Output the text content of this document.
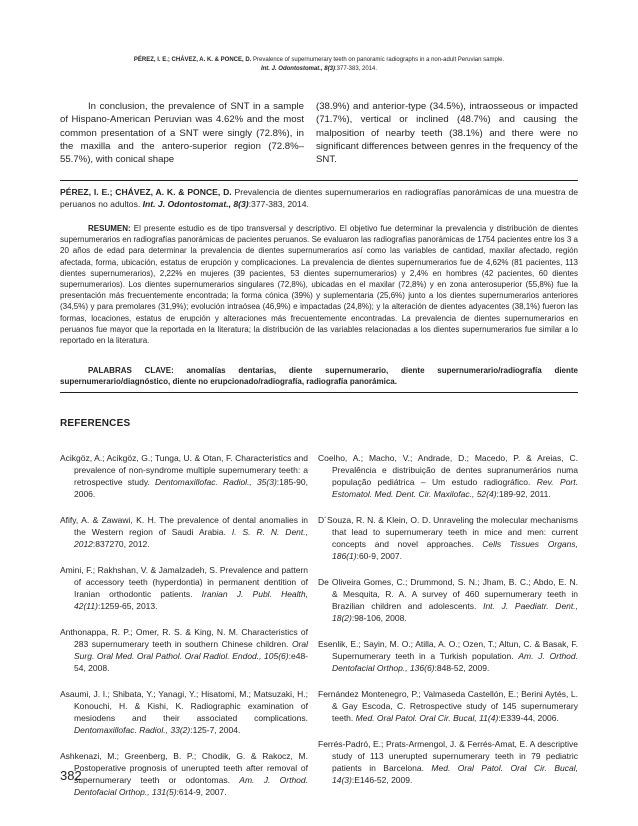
PÉREZ, I. E.; CHÁVEZ, A. K. & PONCE, D. Prevalence of supernumerary teeth on panoramic radiographs in a non-adult Peruvian sample.
Int. J. Odontostomat., 8(3):377-383, 2014.
In conclusion, the prevalence of SNT in a sample of Hispano-American Peruvian was 4.62% and the most common presentation of a SNT were singly (72.8%), in the maxilla and the antero-superior region (72.8%–55.7%), with conical shape
(38.9%) and anterior-type (34.5%), intraosseous or impacted (71.7%), vertical or inclined (48.7%) and causing the malposition of nearby teeth (38.1%) and there were no significant differences between genres in the frequency of the SNT.
PÉREZ, I. E.; CHÁVEZ, A. K. & PONCE, D. Prevalencia de dientes supernumerarios en radiografías panorámicas de una muestra de peruanos no adultos. Int. J. Odontostomat., 8(3):377-383, 2014.
RESUMEN: El presente estudio es de tipo transversal y descriptivo. El objetivo fue determinar la prevalencia y distribución de dientes supernumerarios en radiografías panorámicas de pacientes peruanos. Se evaluaron las radiografías panorámicas de 1754 pacientes entre los 3 a 20 años de edad para determinar la prevalencia de dientes supernumerarios así como las variables de cantidad, maxilar afectado, región afectada, forma, ubicación, estatus de erupción y complicaciones. La prevalencia de dientes supernumerarios fue de 4,62% (81 pacientes, 113 dientes supernumerarios), 2,22% en mujeres (39 pacientes, 53 dientes supernumerarios) y 2,4% en hombres (42 pacientes, 60 dientes supernumerarios). Los dientes supernumerarios singulares (72,8%), ubicadas en el maxilar (72,8%) y en zona anterosuperior (55,8%) fue la presentación más frecuentemente encontrada; la forma cónica (39%) y suplementaria (25,6%) junto a los dientes supernumerarios anteriores (34,5%) y para premolares (31,9%); evolución intraósea (46,9%) e impactadas (24,8%); y la alteración de dientes adyacentes (38,1%) fueron las formas, locaciones, estatus de erupción y alteraciones más frecuentemente encontradas. La prevalencia de dientes supernumerarios en peruanos fue mayor que la reportada en la literatura; la distribución de las variables relacionadas a los dientes supernumerarios fue similar a lo reportado en la literatura.
PALABRAS CLAVE: anomalías dentarias, diente supernumerario, diente supernumerario/radiografía diente supernumerario/diagnóstico, diente no erupcionado/radiografía, radiografía panorámica.
REFERENCES

Acikgöz, A.; Acikgöz, G.; Tunga, U. & Otan, F. Characteristics and prevalence of non-syndrome multiple supernumerary teeth: a retrospective study. Dentomaxillofac. Radiol., 35(3):185-90, 2006.

Afify, A. & Zawawi, K. H. The prevalence of dental anomalies in the Western region of Saudi Arabia. I. S. R. N. Dent., 2012:837270, 2012.

Amini, F.; Rakhshan, V. & Jamalzadeh, S. Prevalence and pattern of accessory teeth (hyperdontia) in permanent dentition of Iranian orthodontic patients. Iranian J. Publ. Health, 42(11):1259-65, 2013.

Anthonappa, R. P.; Omer, R. S. & King, N. M. Characteristics of 283 supernumerary teeth in southern Chinese children. Oral Surg. Oral Med. Oral Pathol. Oral Radiol. Endod., 105(6):e48-54, 2008.

Asaumi, J. I.; Shibata, Y.; Yanagi, Y.; Hisatomi, M.; Matsuzaki, H.; Konouchi, H. & Kishi, K. Radiographic examination of mesiodens and their associated complications. Dentomaxillofac. Radiol., 33(2):125-7, 2004.

Ashkenazi, M.; Greenberg, B. P.; Chodik, G. & Rakocz, M. Postoperative prognosis of unerupted teeth after removal of supernumerary teeth or odontomas. Am. J. Orthod. Dentofacial Orthop., 131(5):614-9, 2007.

Coelho, A.; Macho, V.; Andrade, D.; Macedo, P. & Areias, C. Prevalência e distribuição de dentes supranumerários numa população pediátrica – Um estudo radiográfico. Rev. Port. Estomatol. Med. Dent. Cir. Maxilofac., 52(4):189-92, 2011.

D´Souza, R. N. & Klein, O. D. Unraveling the molecular mechanisms that lead to supernumerary teeth in mice and men: current concepts and novel approaches. Cells Tissues Organs, 186(1):60-9, 2007.

De Oliveira Gomes, C.; Drummond, S. N.; Jham, B. C.; Abdo, E. N. & Mesquita, R. A. A survey of 460 supernumerary teeth in Brazilian children and adolescents. Int. J. Paediatr. Dent., 18(2):98-106, 2008.

Esenlik, E.; Sayin, M. O.; Atilla, A. O.; Ozen, T.; Altun, C. & Basak, F. Supernumerary teeth in a Turkish population. Am. J. Orthod. Dentofacial Orthop., 136(6):848-52, 2009.

Fernández Montenegro, P.; Valmaseda Castellón, E.; Berini Aytés, L. & Gay Escoda, C. Retrospective study of 145 supernumerary teeth. Med. Oral Patol. Oral Cir. Bucal, 11(4):E339-44, 2006.

Ferrés-Padró, E.; Prats-Armengol, J. & Ferrés-Amat, E. A descriptive study of 113 unerupted supernumerary teeth in 79 pediatric patients in Barcelona. Med. Oral Patol. Oral Cir. Bucal, 14(3):E146-52, 2009.

382
